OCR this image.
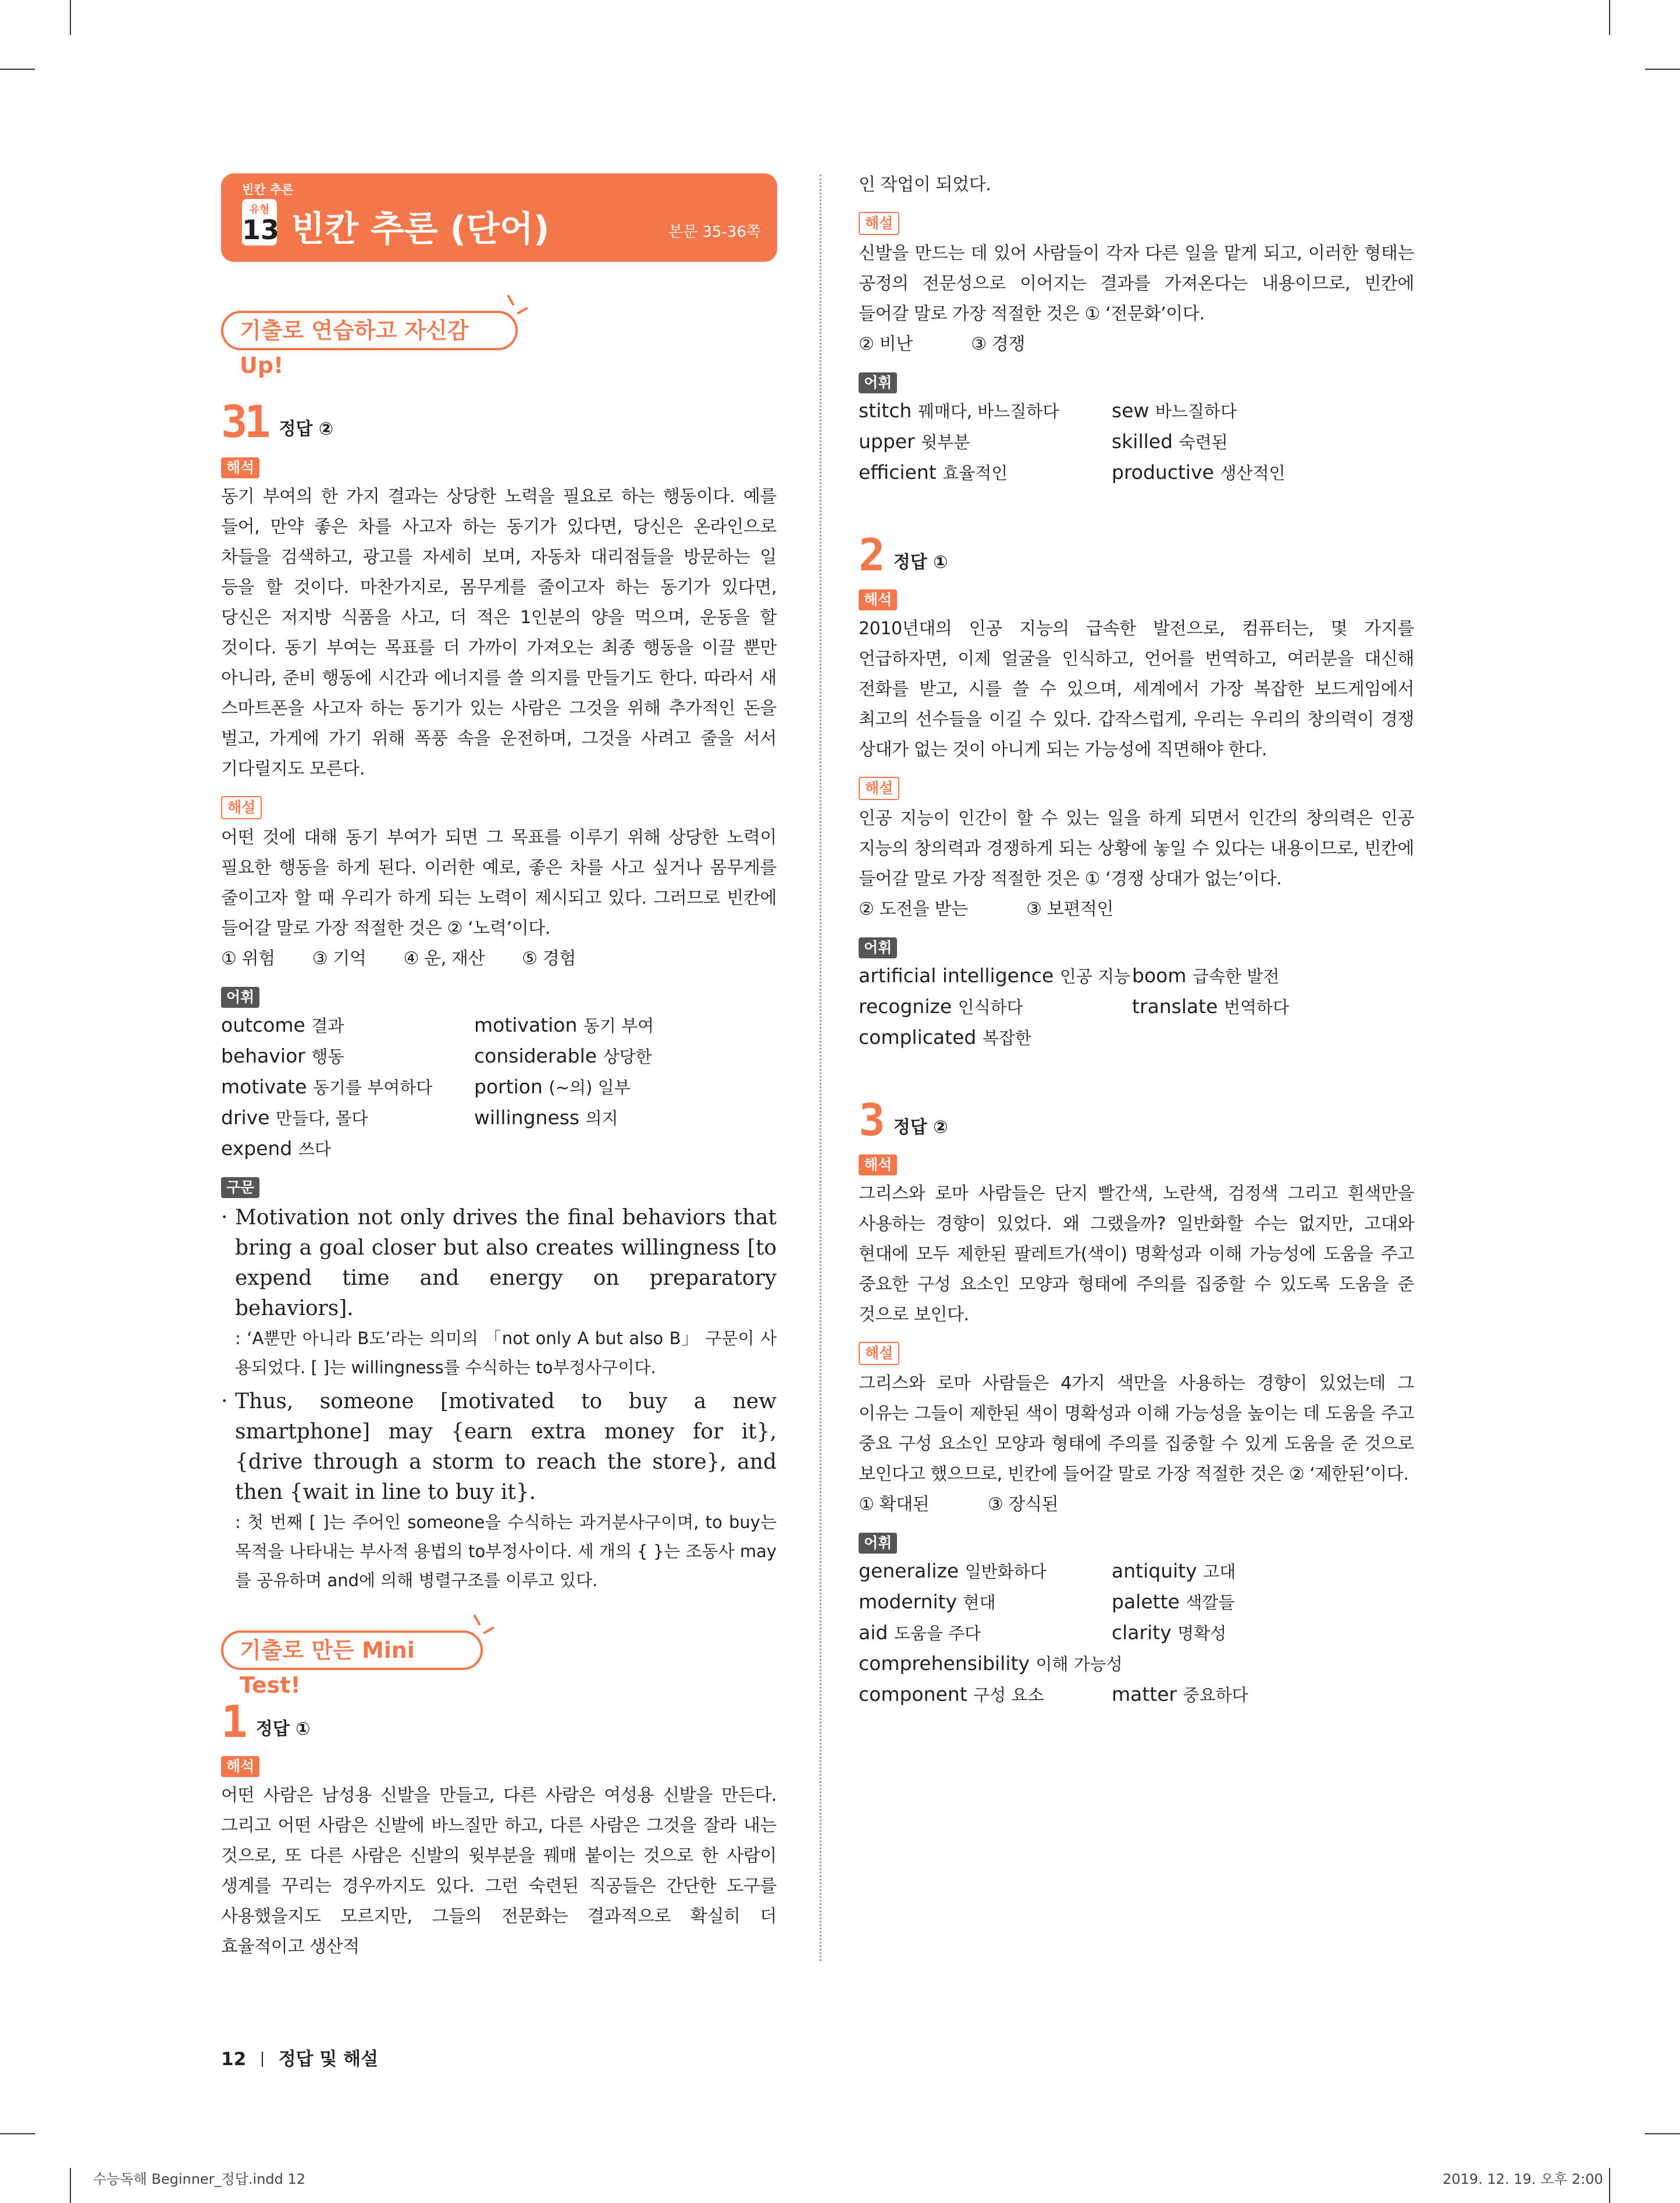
빈칸 추론
유형
13 빈칸 추론 (단어)	본문 35-36쪽
기출로 연습하고 자신감 Up!
기출로 만든 Mini Test!
31 정답 ②
해석

동기 부여의 한 가지 결과는 상당한 노력을 필요로 하는 행동이다. 예를 들어, 만약 좋은 차를 사고자 하는 동기가 있다면, 당신은 온라인으로 차들을 검색하고, 광고를 자세히 보며, 자동차 대리점들을 방문하는 일 등을 할 것이다. 마찬가지로, 몸무게를 줄이고자 하는 동기가 있다면, 당신은 저지방 식품을 사고, 더 적은 1인분의 양을 먹으며, 운동을 할 것이다. 동기 부여는 목표를 더 가까이 가져오는 최종 행동을 이끌 뿐만 아니라, 준비 행동에 시간과 에너지를 쓸 의지를 만들기도 한다. 따라서 새 스마트폰을 사고자 하는 동기가 있는 사람은 그것을 위해 추가적인 돈을 벌고, 가게에 가기 위해 폭풍 속을 운전하며, 그것을 사려고 줄을 서서 기다릴지도 모른다.

해설

어떤 것에 대해 동기 부여가 되면 그 목표를 이루기 위해 상당한 노력이 필요한 행동을 하게 된다. 이러한 예로, 좋은 차를 사고 싶거나 몸무게를 줄이고자 할 때 우리가 하게 되는 노력이 제시되고 있다. 그러므로 빈칸에 들어갈 말로 가장 적절한 것은 ② ‘노력’이다.

① 위험 ③ 기억 ④ 운, 재산 ⑤ 경험

어휘
outcome 결과	motivation 동기 부여
behavior 행동	considerable 상당한
motivate 동기를 부여하다	portion (~의) 일부
drive 만들다, 몰다	willingness 의지
expend 쓰다
구문
· Motivation not only drives the final behaviors that bring a goal closer but also creates willingness [to expend time and energy on preparatory behaviors].
: ‘A뿐만 아니라 B도’라는 의미의 「not only A but also B」 구문이 사용되었다. [ ]는 willingness를 수식하는 to부정사구이다.
· Thus, someone [motivated to buy a new smartphone] may {earn extra money for it}, {drive through a storm to reach the store}, and then {wait in line to buy it}.
: 첫 번째 [ ]는 주어인 someone을 수식하는 과거분사구이며, to buy는 목적을 나타내는 부사적 용법의 to부정사이다. 세 개의 { }는 조동사 may를 공유하며 and에 의해 병렬구조를 이루고 있다.
1 정답 ①
해석

어떤 사람은 남성용 신발을 만들고, 다른 사람은 여성용 신발을 만든다. 그리고 어떤 사람은 신발에 바느질만 하고, 다른 사람은 그것을 잘라 내는 것으로, 또 다른 사람은 신발의 윗부분을 꿰매 붙이는 것으로 한 사람이 생계를 꾸리는 경우까지도 있다. 그런 숙련된 직공들은 간단한 도구를 사용했을지도 모르지만, 그들의 전문화는 결과적으로 확실히 더 효율적이고 생산적

인 작업이 되었다.

해설

신발을 만드는 데 있어 사람들이 각자 다른 일을 맡게 되고, 이러한 형태는 공정의 전문성으로 이어지는 결과를 가져온다는 내용이므로, 빈칸에 들어갈 말로 가장 적절한 것은 ① ‘전문화’이다.

② 비난	③ 경쟁

어휘
stitch 꿰매다, 바느질하다	sew 바느질하다
upper 윗부분	skilled 숙련된
efficient 효율적인	productive 생산적인
2 정답 ①
해석

2010년대의 인공 지능의 급속한 발전으로, 컴퓨터는, 몇 가지를 언급하자면, 이제 얼굴을 인식하고, 언어를 번역하고, 여러분을 대신해 전화를 받고, 시를 쓸 수 있으며, 세계에서 가장 복잡한 보드게임에서 최고의 선수들을 이길 수 있다. 갑작스럽게, 우리는 우리의 창의력이 경쟁 상대가 없는 것이 아니게 되는 가능성에 직면해야 한다.

해설

인공 지능이 인간이 할 수 있는 일을 하게 되면서 인간의 창의력은 인공 지능의 창의력과 경쟁하게 되는 상황에 놓일 수 있다는 내용이므로, 빈칸에 들어갈 말로 가장 적절한 것은 ① ‘경쟁 상대가 없는’이다.

② 도전을 받는	③ 보편적인

어휘
artificial intelligence 인공 지능 boom 급속한 발전
recognize 인식하다	translate 번역하다
complicated 복잡한
3 정답 ②
해석

그리스와 로마 사람들은 단지 빨간색, 노란색, 검정색 그리고 흰색만을 사용하는 경향이 있었다. 왜 그랬을까? 일반화할 수는 없지만, 고대와 현대에 모두 제한된 팔레트가(색이) 명확성과 이해 가능성에 도움을 주고 중요한 구성 요소인 모양과 형태에 주의를 집중할 수 있도록 도움을 준 것으로 보인다.

해설

그리스와 로마 사람들은 4가지 색만을 사용하는 경향이 있었는데 그 이유는 그들이 제한된 색이 명확성과 이해 가능성을 높이는 데 도움을 주고 중요 구성 요소인 모양과 형태에 주의를 집중할 수 있게 도움을 준 것으로 보인다고 했으므로, 빈칸에 들어갈 말로 가장 적절한 것은 ② ‘제한된’이다.

① 확대된	③ 장식된

어휘
generalize 일반화하다	antiquity 고대
modernity 현대	palette 색깔들
aid 도움을 주다	clarity 명확성
comprehensibility 이해 가능성
component 구성 요소	matter 중요하다
12 정답 및 해설
수능독해 Beginner_정답.indd 12	2019. 12. 19. 오후 2:00
